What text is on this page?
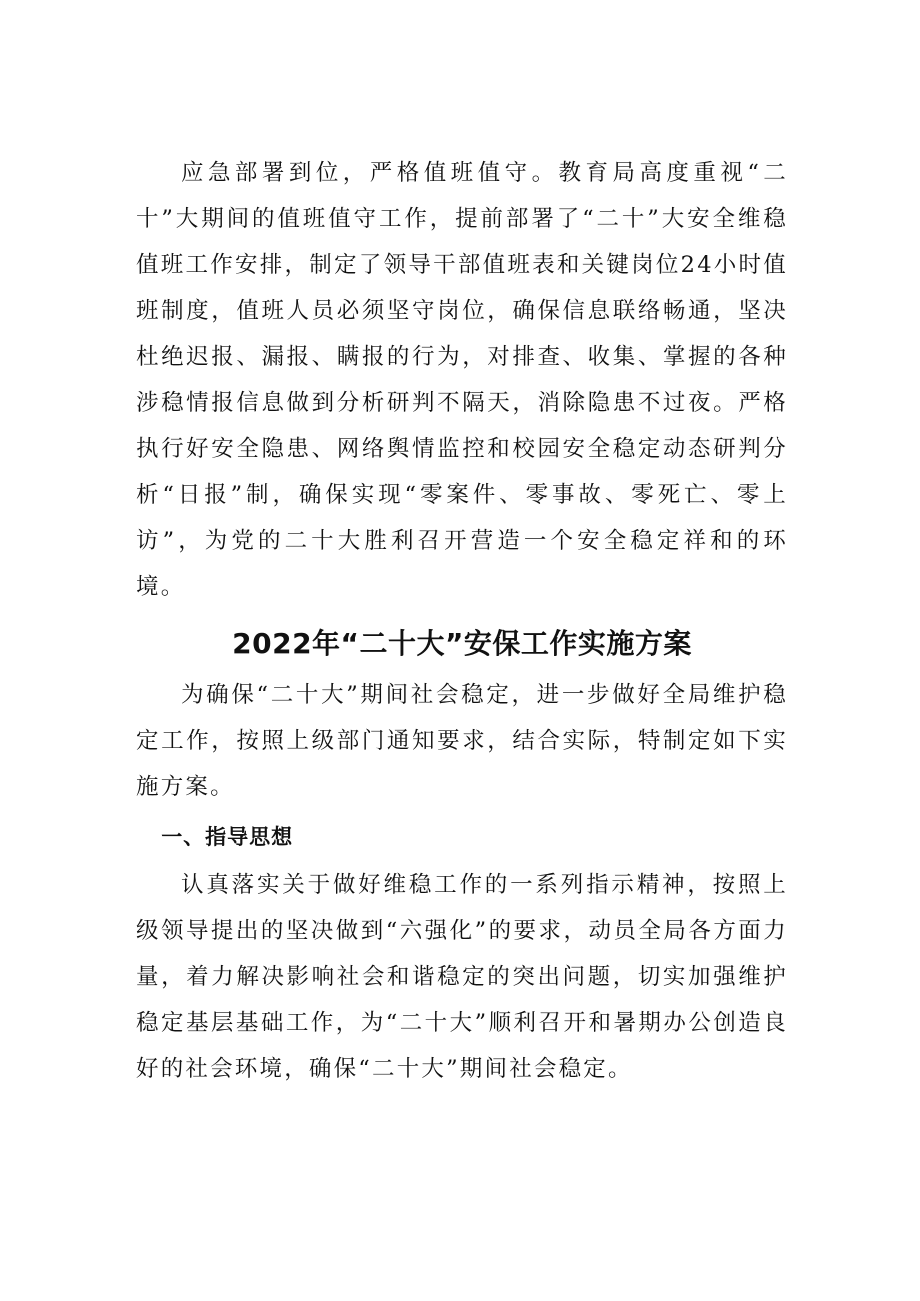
应急部署到位，严格值班值守。教育局高度重视“二十”大期间的值班值守工作，提前部署了“二十”大安全维稳值班工作安排，制定了领导干部值班表和关键岗位24小时值班制度，值班人员必须坚守岗位，确保信息联络畅通，坚决杜绝迟报、漏报、瞒报的行为，对排查、收集、掌握的各种涉稳情报信息做到分析研判不隔天，消除隐患不过夜。严格执行好安全隐患、网络舆情监控和校园安全稳定动态研判分析“日报”制，确保实现“零案件、零事故、零死亡、零上访”，为党的二十大胜利召开营造一个安全稳定祥和的环境。

2022年“二十大”安保工作实施方案

为确保“二十大”期间社会稳定，进一步做好全局维护稳定工作，按照上级部门通知要求，结合实际，特制定如下实施方案。

一、指导思想

认真落实关于做好维稳工作的一系列指示精神，按照上级领导提出的坚决做到“六强化”的要求，动员全局各方面力量，着力解决影响社会和谐稳定的突出问题，切实加强维护稳定基层基础工作，为“二十大”顺利召开和暑期办公创造良好的社会环境，确保“二十大”期间社会稳定。
